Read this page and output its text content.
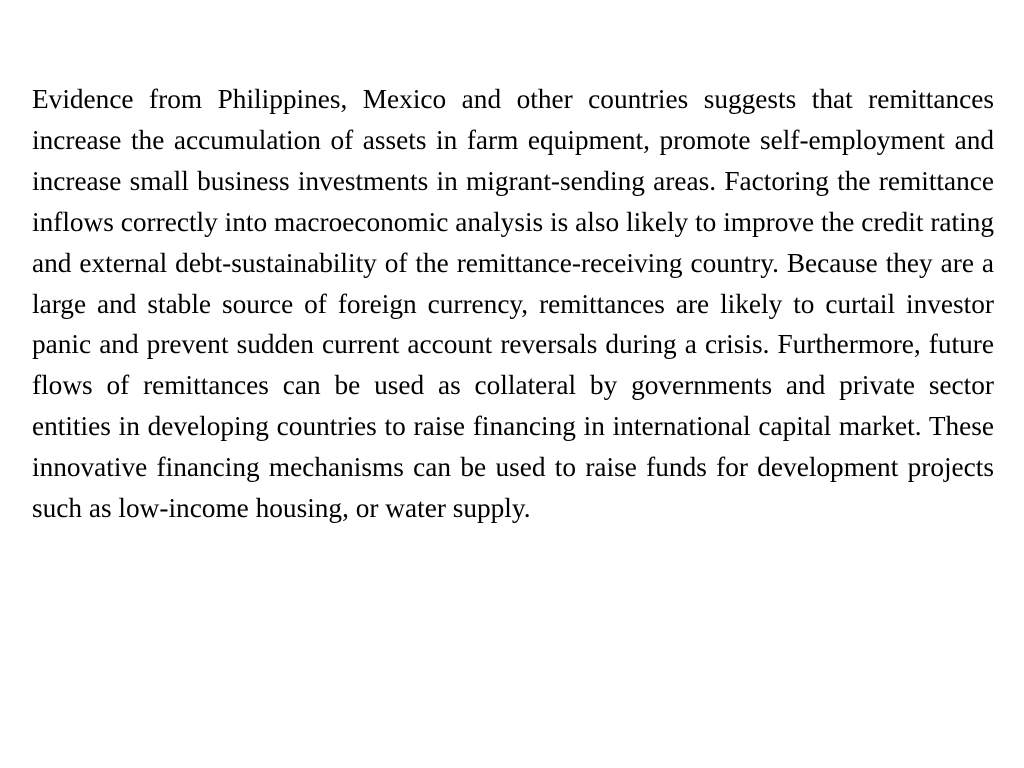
Evidence from Philippines, Mexico and other countries suggests that remittances increase the accumulation of assets in farm equipment, promote self-employment and increase small business investments in migrant-sending areas. Factoring the remittance inflows correctly into macroeconomic analysis is also likely to improve the credit rating and external debt-sustainability of the remittance-receiving country. Because they are a large and stable source of foreign currency, remittances are likely to curtail investor panic and prevent sudden current account reversals during a crisis. Furthermore, future flows of remittances can be used as collateral by governments and private sector entities in developing countries to raise financing in international capital market. These innovative financing mechanisms can be used to raise funds for development projects such as low-income housing, or water supply.
